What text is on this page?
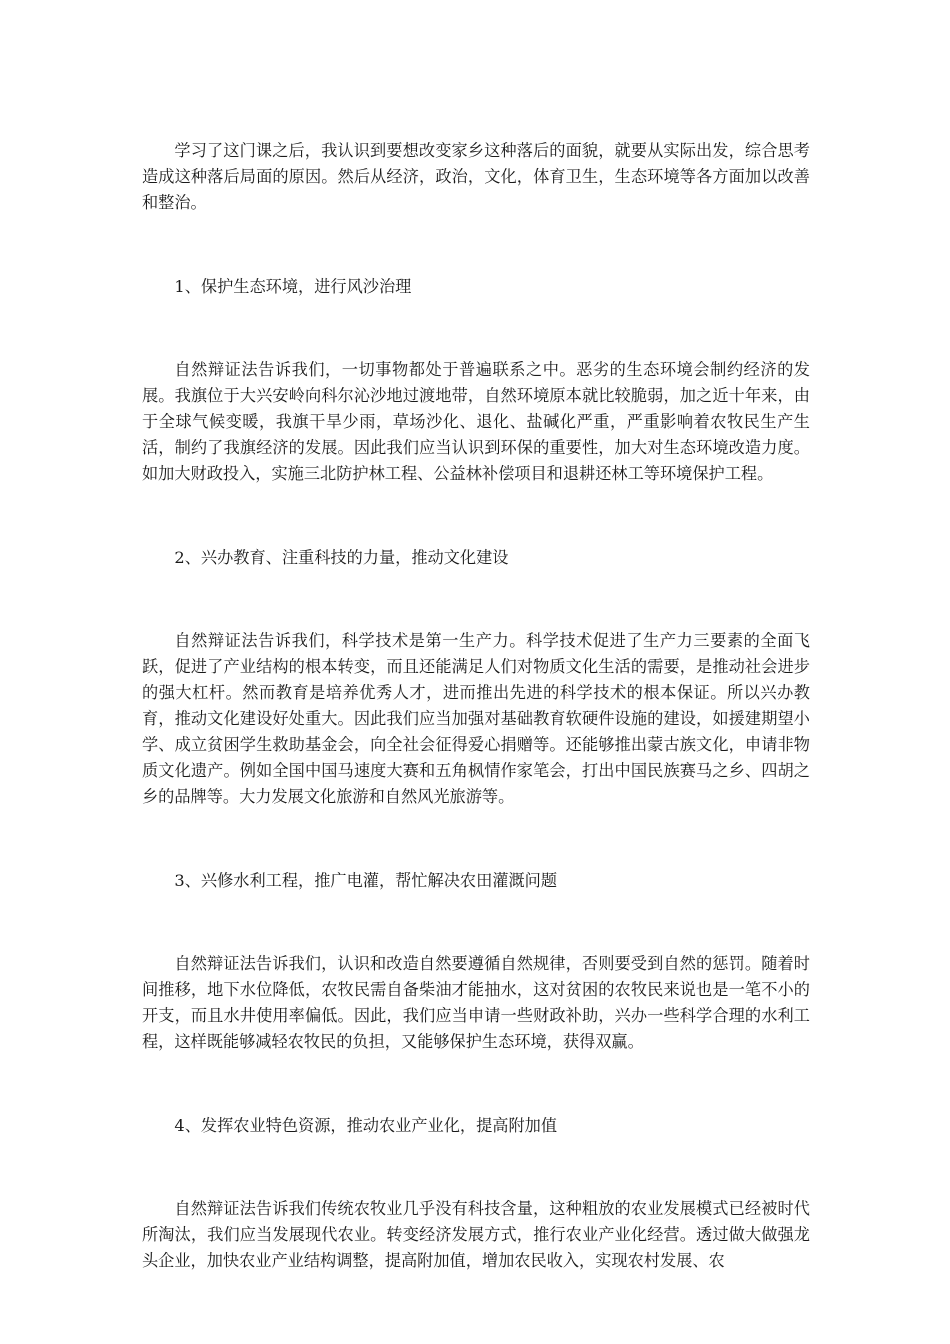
学习了这门课之后，我认识到要想改变家乡这种落后的面貌，就要从实际出发，综合思考造成这种落后局面的原因。然后从经济，政治，文化，体育卫生，生态环境等各方面加以改善和整治。

1、保护生态环境，进行风沙治理

自然辩证法告诉我们，一切事物都处于普遍联系之中。恶劣的生态环境会制约经济的发展。我旗位于大兴安岭向科尔沁沙地过渡地带，自然环境原本就比较脆弱，加之近十年来，由于全球气候变暖，我旗干旱少雨，草场沙化、退化、盐碱化严重，严重影响着农牧民生产生活，制约了我旗经济的发展。因此我们应当认识到环保的重要性，加大对生态环境改造力度。如加大财政投入，实施三北防护林工程、公益林补偿项目和退耕还林工等环境保护工程。

2、兴办教育、注重科技的力量，推动文化建设

自然辩证法告诉我们，科学技术是第一生产力。科学技术促进了生产力三要素的全面飞跃，促进了产业结构的根本转变，而且还能满足人们对物质文化生活的需要，是推动社会进步的强大杠杆。然而教育是培养优秀人才，进而推出先进的科学技术的根本保证。所以兴办教育，推动文化建设好处重大。因此我们应当加强对基础教育软硬件设施的建设，如援建期望小学、成立贫困学生救助基金会，向全社会征得爱心捐赠等。还能够推出蒙古族文化，申请非物质文化遗产。例如全国中国马速度大赛和五角枫情作家笔会，打出中国民族赛马之乡、四胡之乡的品牌等。大力发展文化旅游和自然风光旅游等。

3、兴修水利工程，推广电灌，帮忙解决农田灌溉问题

自然辩证法告诉我们，认识和改造自然要遵循自然规律，否则要受到自然的惩罚。随着时间推移，地下水位降低，农牧民需自备柴油才能抽水，这对贫困的农牧民来说也是一笔不小的开支，而且水井使用率偏低。因此，我们应当申请一些财政补助，兴办一些科学合理的水利工程，这样既能够减轻农牧民的负担，又能够保护生态环境，获得双赢。

4、发挥农业特色资源，推动农业产业化，提高附加值

自然辩证法告诉我们传统农牧业几乎没有科技含量，这种粗放的农业发展模式已经被时代所淘汰，我们应当发展现代农业。转变经济发展方式，推行农业产业化经营。透过做大做强龙头企业，加快农业产业结构调整，提高附加值，增加农民收入，实现农村发展、农
